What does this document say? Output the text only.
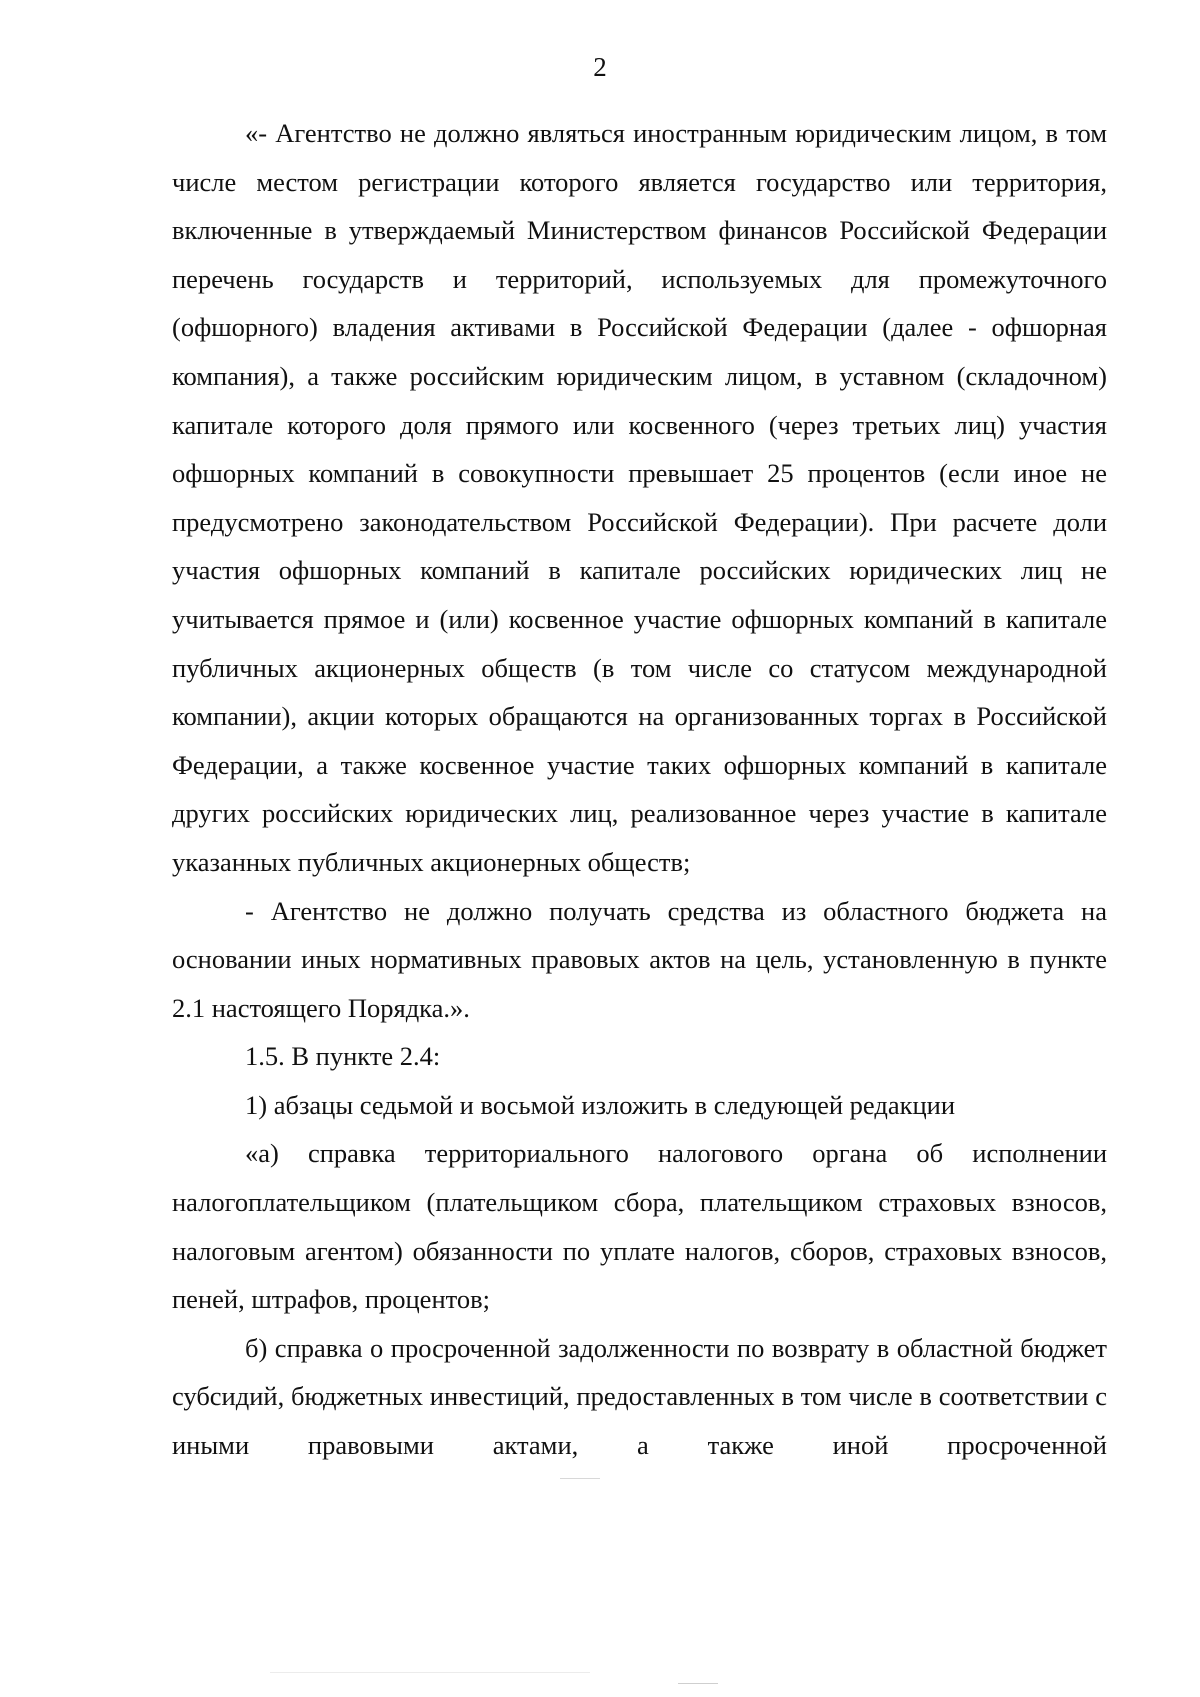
2

«- Агентство не должно являться иностранным юридическим лицом, в том числе местом регистрации которого является государство или территория, включенные в утверждаемый Министерством финансов Российской Федерации перечень государств и территорий, используемых для промежуточного (офшорного) владения активами в Российской Федерации (далее - офшорная компания), а также российским юридическим лицом, в уставном (складочном) капитале которого доля прямого или косвенного (через третьих лиц) участия офшорных компаний в совокупности превышает 25 процентов (если иное не предусмотрено законодательством Российской Федерации). При расчете доли участия офшорных компаний в капитале российских юридических лиц не учитывается прямое и (или) косвенное участие офшорных компаний в капитале публичных акционерных обществ (в том числе со статусом международной компании), акции которых обращаются на организованных торгах в Российской Федерации, а также косвенное участие таких офшорных компаний в капитале других российских юридических лиц, реализованное через участие в капитале указанных публичных акционерных обществ;

- Агентство не должно получать средства из областного бюджета на основании иных нормативных правовых актов на цель, установленную в пункте 2.1 настоящего Порядка.».

1.5. В пункте 2.4:

1) абзацы седьмой и восьмой изложить в следующей редакции

«а) справка территориального налогового органа об исполнении налогоплательщиком (плательщиком сбора, плательщиком страховых взносов, налоговым агентом) обязанности по уплате налогов, сборов, страховых взносов, пеней, штрафов, процентов;

б) справка о просроченной задолженности по возврату в областной бюджет субсидий, бюджетных инвестиций, предоставленных в том числе в соответствии с иными правовыми актами, а также иной просроченной
